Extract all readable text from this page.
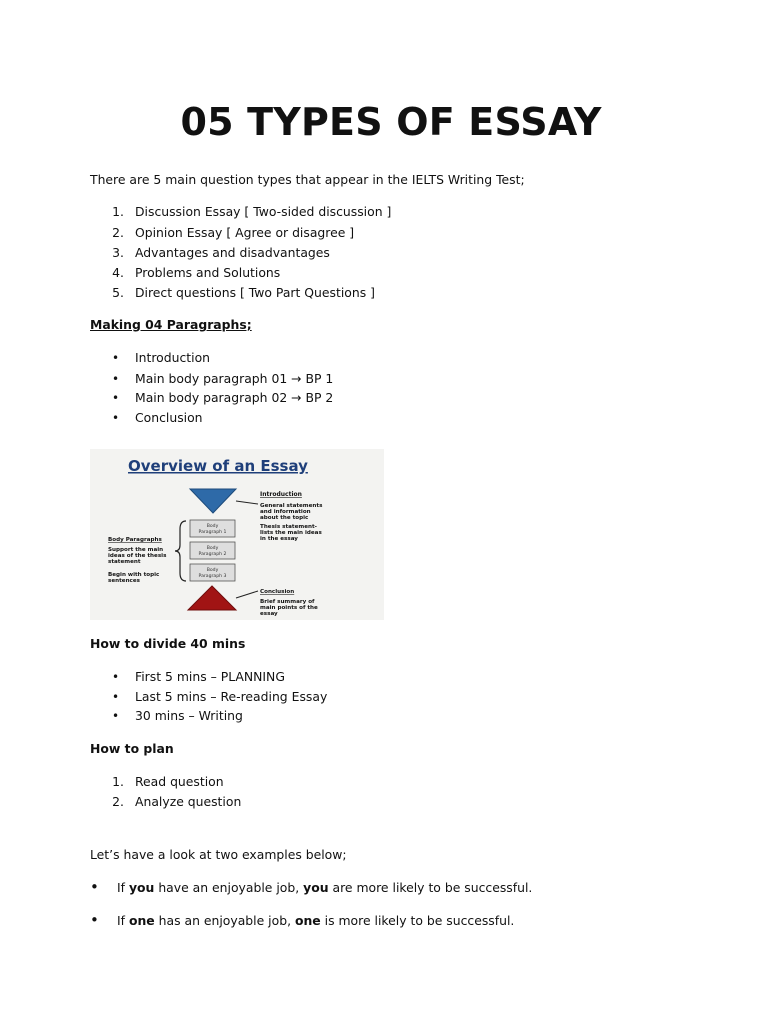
05 TYPES OF ESSAY
There are 5 main question types that appear in the IELTS Writing Test;
1. Discussion Essay [ Two-sided discussion ]
2. Opinion Essay [ Agree or disagree ]
3. Advantages and disadvantages
4. Problems and Solutions
5. Direct questions [ Two Part Questions ]
Making 04 Paragraphs;
• Introduction
• Main body paragraph 01 → BP 1
• Main body paragraph 02 → BP 2
• Conclusion
Overview of an Essay
Introduction
General statements
and information
about the topic
Thesis statement-
lists the main ideas
in the essay
Body Paragraphs
Support the main
ideas of the thesis
statement
Begin with topic
sentences
Body
Paragraph 1
Body
Paragraph 2
Body
Paragraph 3
Conclusion
Brief summary of
main points of the
essay
How to divide 40 mins
• First 5 mins – PLANNING
• Last 5 mins – Re-reading Essay
• 30 mins – Writing
How to plan
1. Read question
2. Analyze question
Let’s have a look at two examples below;
• If you have an enjoyable job, you are more likely to be successful.
• If one has an enjoyable job, one is more likely to be successful.
